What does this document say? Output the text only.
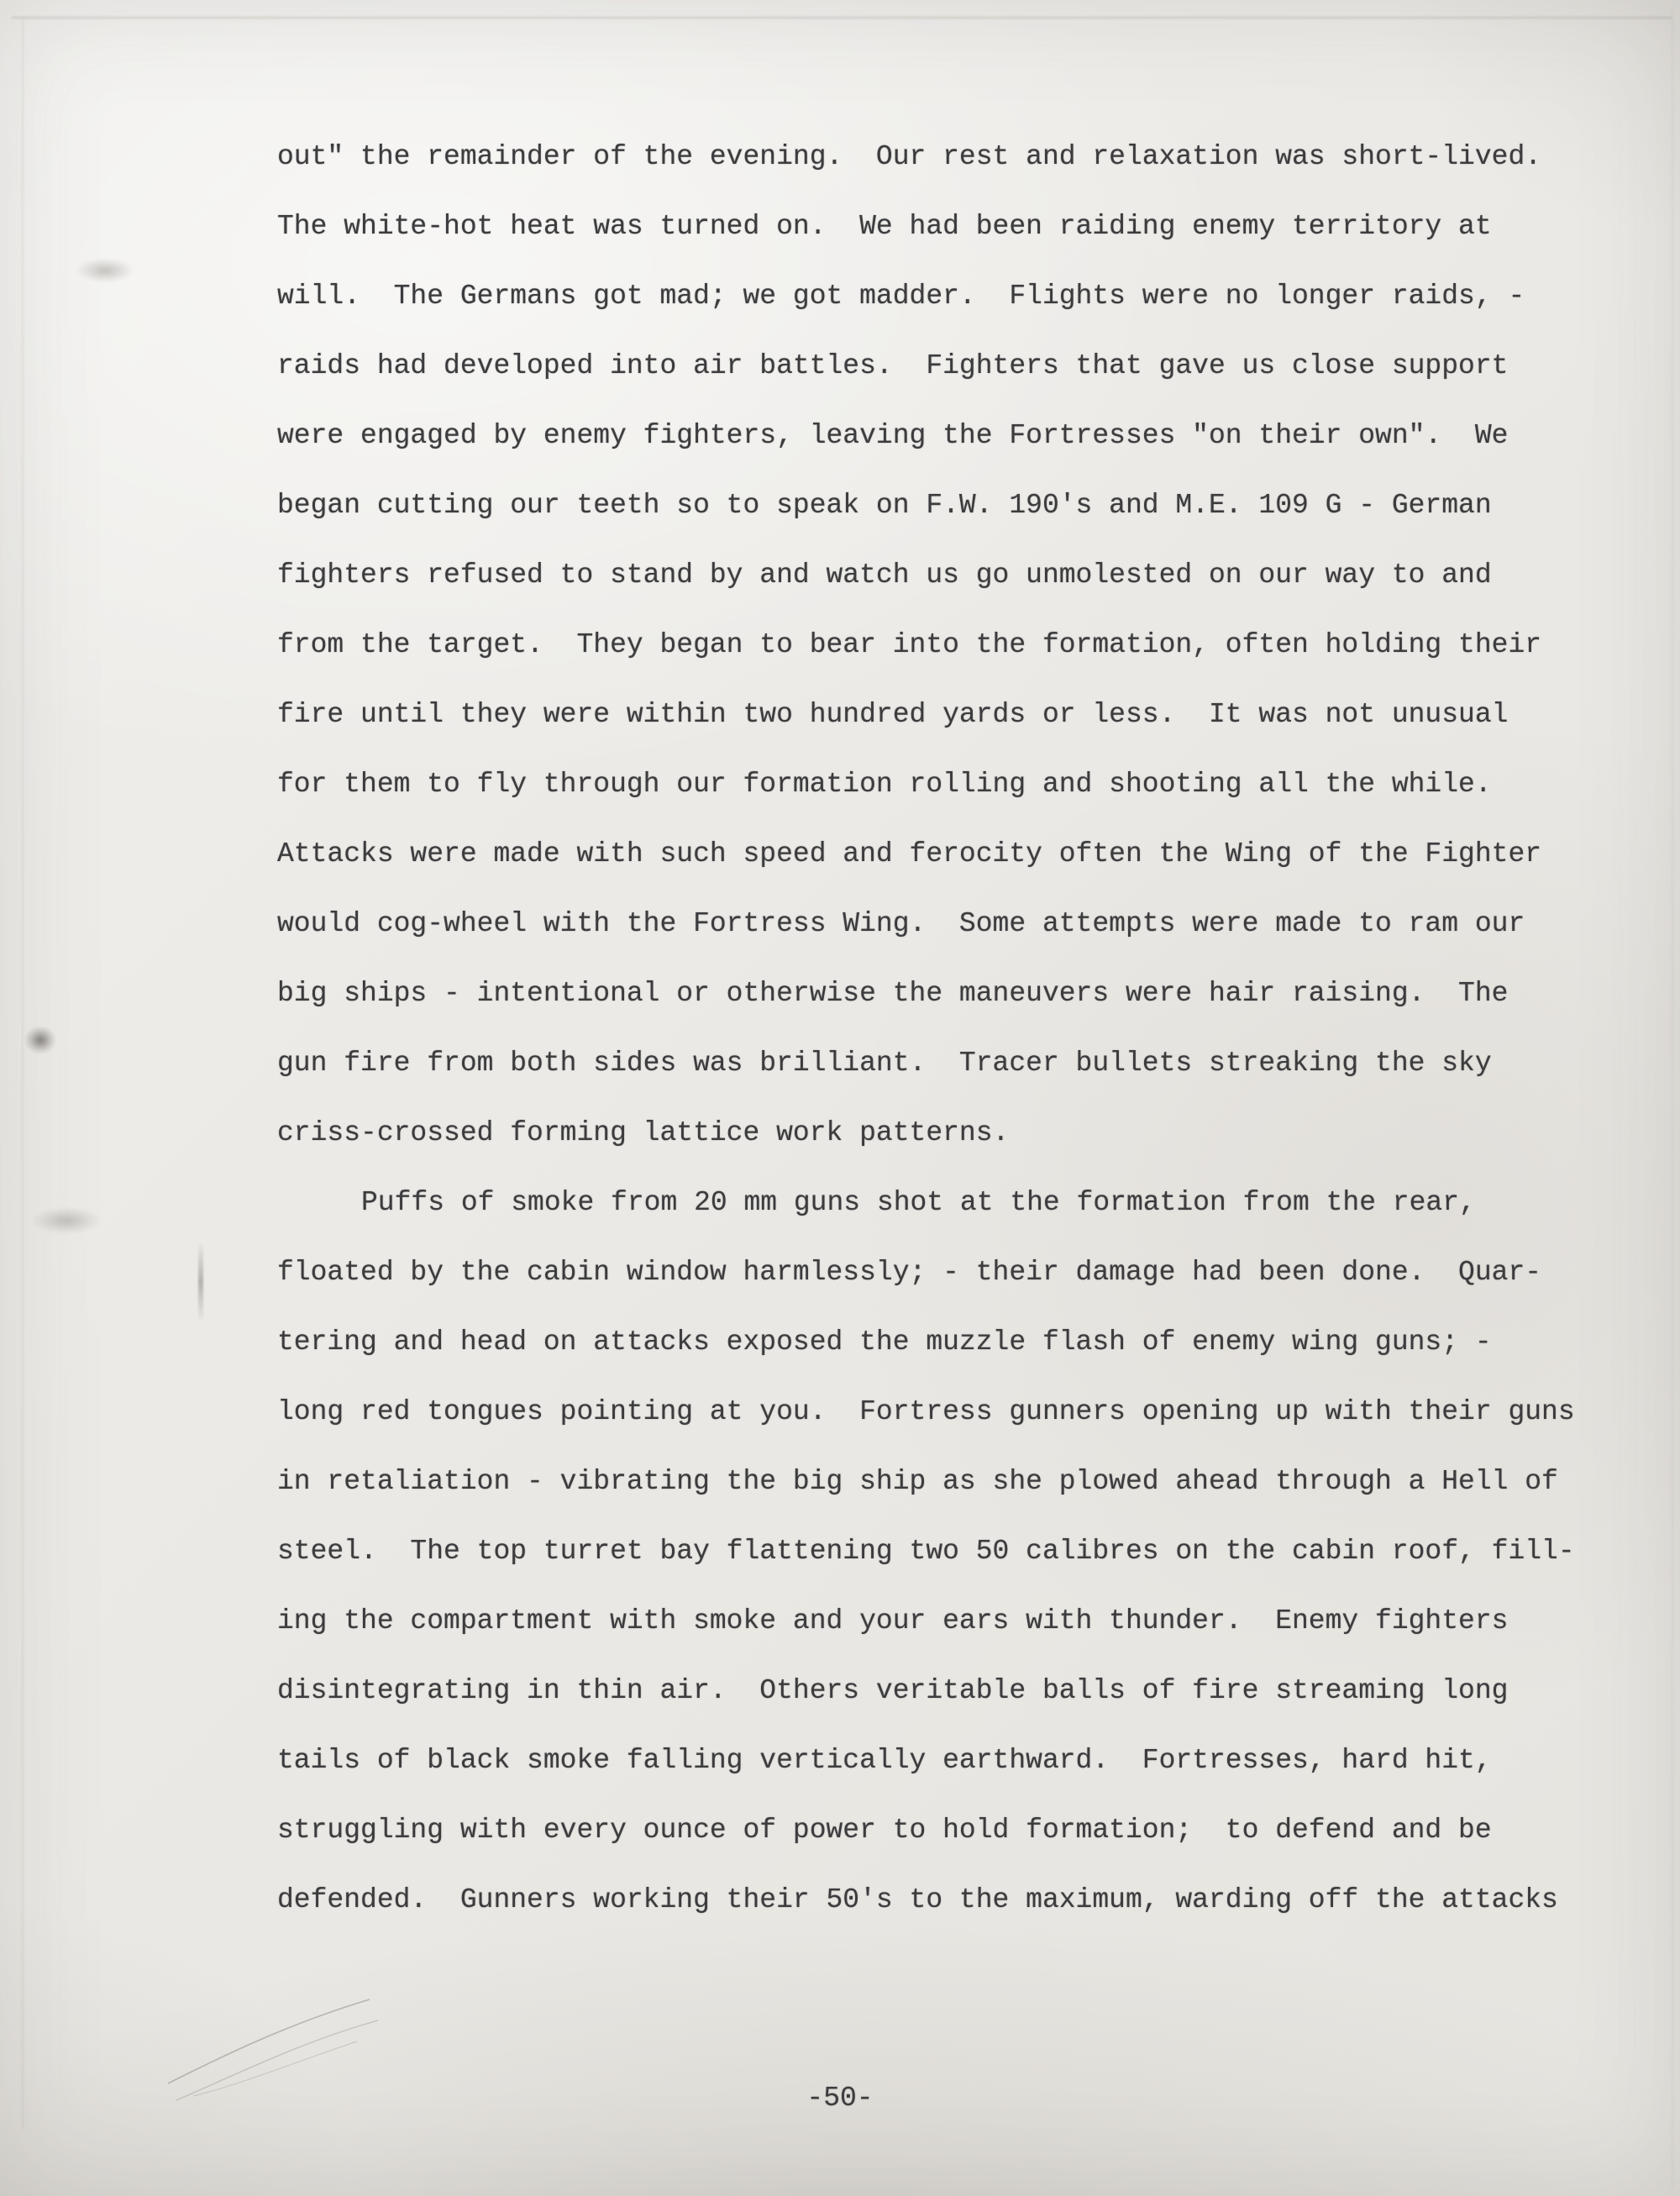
out" the remainder of the evening.  Our rest and relaxation was short-lived.
The white-hot heat was turned on.  We had been raiding enemy territory at
will.  The Germans got mad; we got madder.  Flights were no longer raids, -
raids had developed into air battles.  Fighters that gave us close support
were engaged by enemy fighters, leaving the Fortresses "on their own".  We
began cutting our teeth so to speak on F.W. 190's and M.E. 109 G - German
fighters refused to stand by and watch us go unmolested on our way to and
from the target.  They began to bear into the formation, often holding their
fire until they were within two hundred yards or less.  It was not unusual
for them to fly through our formation rolling and shooting all the while.
Attacks were made with such speed and ferocity often the Wing of the Fighter
would cog-wheel with the Fortress Wing.  Some attempts were made to ram our
big ships - intentional or otherwise the maneuvers were hair raising.  The
gun fire from both sides was brilliant.  Tracer bullets streaking the sky
criss-crossed forming lattice work patterns.
Puffs of smoke from 20 mm guns shot at the formation from the rear,
floated by the cabin window harmlessly; - their damage had been done.  Quar-
tering and head on attacks exposed the muzzle flash of enemy wing guns; -
long red tongues pointing at you.  Fortress gunners opening up with their guns
in retaliation - vibrating the big ship as she plowed ahead through a Hell of
steel.  The top turret bay flattening two 50 calibres on the cabin roof, fill-
ing the compartment with smoke and your ears with thunder.  Enemy fighters
disintegrating in thin air.  Others veritable balls of fire streaming long
tails of black smoke falling vertically earthward.  Fortresses, hard hit,
struggling with every ounce of power to hold formation;  to defend and be
defended.  Gunners working their 50's to the maximum, warding off the attacks
-50-
